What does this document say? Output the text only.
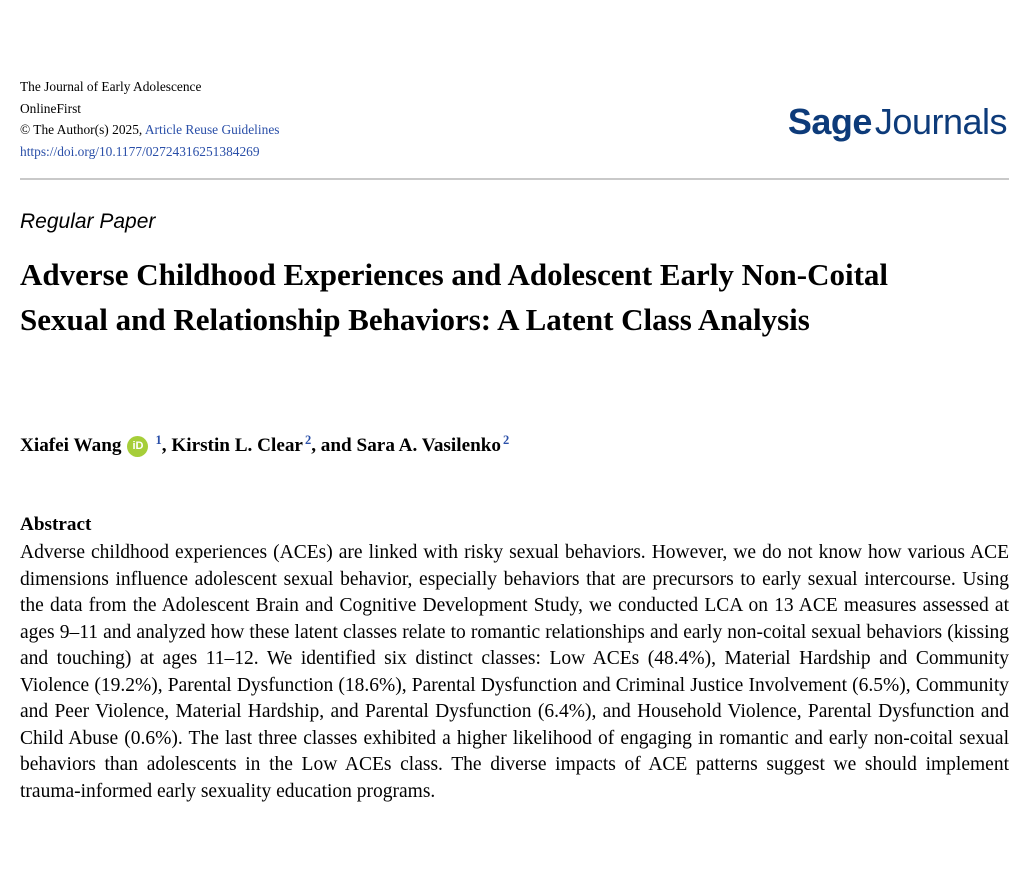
The Journal of Early Adolescence
OnlineFirst
© The Author(s) 2025, Article Reuse Guidelines
https://doi.org/10.1177/02724316251384269
SageJournals
Regular Paper
Adverse Childhood Experiences and Adolescent Early Non-Coital Sexual and Relationship Behaviors: A Latent Class Analysis
Xiafei Wang	iD 1 , Kirstin L. Clear 2 , and Sara A. Vasilenko 2
Abstract

Adverse childhood experiences (ACEs) are linked with risky sexual behaviors. However, we do not know how various ACE dimensions influence adolescent sexual behavior, especially behaviors that are precursors to early sexual intercourse. Using the data from the Adolescent Brain and Cognitive Development Study, we conducted LCA on 13 ACE measures assessed at ages 9–11 and analyzed how these latent classes relate to romantic relationships and early non-coital sexual behaviors (kissing and touching) at ages 11–12. We identified six distinct classes: Low ACEs (48.4%), Material Hardship and Community Violence (19.2%), Parental Dysfunction (18.6%), Parental Dysfunction and Criminal Justice Involvement (6.5%), Community and Peer Violence, Material Hardship, and Parental Dysfunction (6.4%), and Household Violence, Parental Dysfunction and Child Abuse (0.6%). The last three classes exhibited a higher likelihood of engaging in romantic and early non-coital sexual behaviors than adolescents in the Low ACEs class. The diverse impacts of ACE patterns suggest we should implement trauma-informed early sexuality education programs.
